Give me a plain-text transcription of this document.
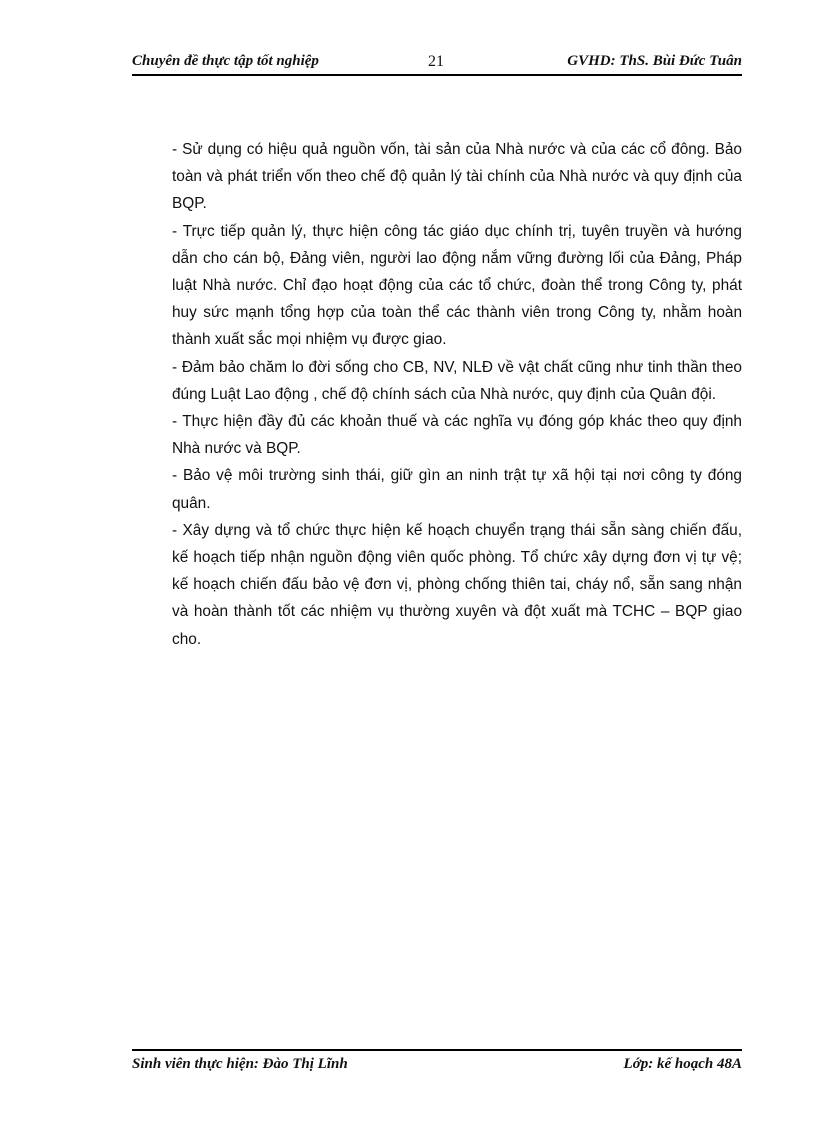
Chuyên đề thực tập tốt nghiệp	21	GVHD: ThS. Bùi Đức Tuân

- Sử dụng có hiệu quả nguồn vốn, tài sản của Nhà nước và của các cổ đông. Bảo toàn và phát triển vốn theo chế độ quản lý tài chính của Nhà nước và quy định của BQP.

- Trực tiếp quản lý, thực hiện công tác giáo dục chính trị, tuyên truyền và hướng dẫn cho cán bộ, Đảng viên, người lao động nắm vững đường lối của Đảng, Pháp luật Nhà nước. Chỉ đạo hoạt động của các tổ chức, đoàn thể trong Công ty, phát huy sức mạnh tổng hợp của toàn thể các thành viên trong Công ty, nhằm hoàn thành xuất sắc mọi nhiệm vụ được giao.

- Đảm bảo chăm lo đời sống cho CB, NV, NLĐ về vật chất cũng như tinh thần theo đúng Luật Lao động , chế độ chính sách của Nhà nước, quy định của Quân đội.

- Thực hiện đầy đủ các khoản thuế và các nghĩa vụ đóng góp khác theo quy định Nhà nước và BQP.

- Bảo vệ môi trường sinh thái, giữ gìn an ninh trật tự xã hội tại nơi công ty đóng quân.

- Xây dựng và tổ chức thực hiện kế hoạch chuyển trạng thái sẵn sàng chiến đấu, kế hoạch tiếp nhận nguồn động viên quốc phòng. Tổ chức xây dựng đơn vị tự vệ; kế hoạch chiến đấu bảo vệ đơn vị, phòng chống thiên tai, cháy nổ, sẵn sang nhận và hoàn thành tốt các nhiệm vụ thường xuyên và đột xuất mà TCHC – BQP giao cho.

Sinh viên thực hiện: Đào Thị Lĩnh	Lớp: kế hoạch 48A
